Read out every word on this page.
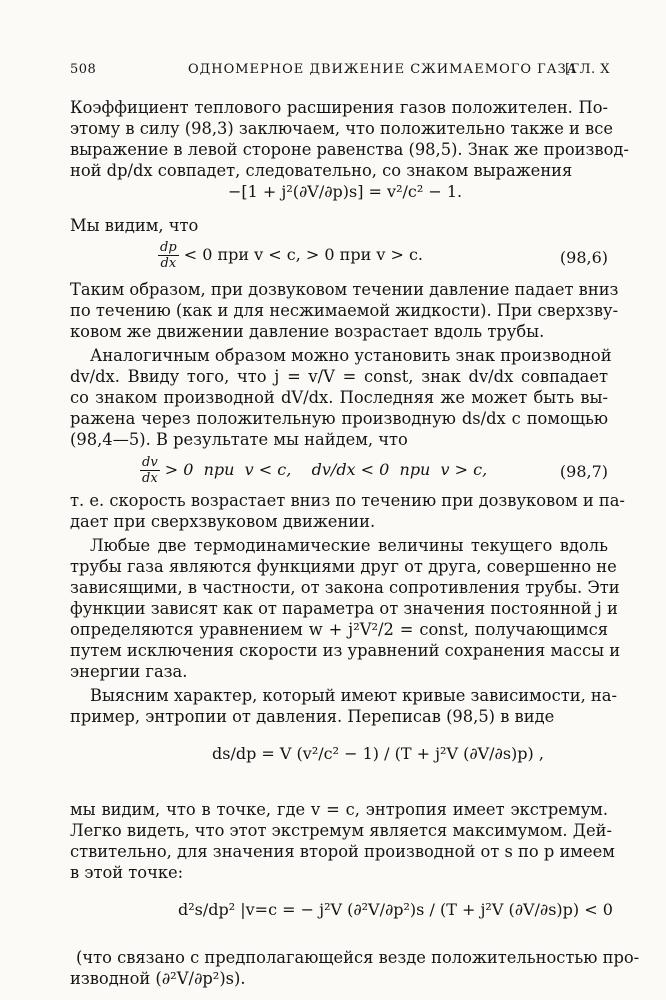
508	ОДНОМЕРНОЕ ДВИЖЕНИЕ СЖИМАЕМОГО ГАЗА
[ГЛ. X
Коэффициент теплового расширения газов положителен. По-
этому в силу (98,3) заключаем, что положительно также и все
выражение в левой стороне равенства (98,5). Знак же производ-
ной dp/dx совпадет, следовательно, со знаком выражения
−[1 + j²(∂V/∂p)s] = v²/c² − 1.
Мы видим, что
$\frac{dp}{dx} < 0$ при v < c, > 0 при v > c.	(98,6)
Таким образом, при дозвуковом течении давление падает вниз
по течению (как и для несжимаемой жидкости). При сверхзву-
ковом же движении давление возрастает вдоль трубы.
Аналогичным образом можно установить знак производной
dv/dx. Ввиду того, что j = v/V = const, знак dv/dx совпадает
со знаком производной dV/dx. Последняя же может быть вы-
ражена через положительную производную ds/dx с помощью
(98,4—5). В результате мы найдем, что
$\frac{dv}{dx} > 0$  при  v < c,    dv/dx < 0  при  v > c,	(98,7)
т. е. скорость возрастает вниз по течению при дозвуковом и па-
дает при сверхзвуковом движении.
Любые две термодинамические величины текущего вдоль
трубы газа являются функциями друг от друга, совершенно не
зависящими, в частности, от закона сопротивления трубы. Эти
функции зависят как от параметра от значения постоянной j и
определяются уравнением w + j²V²/2 = const, получающимся
путем исключения скорости из уравнений сохранения массы и
энергии газа.
Выясним характер, который имеют кривые зависимости, на-
пример, энтропии от давления. Переписав (98,5) в виде
ds/dp = V (v²/c² − 1) / (T + j²V (∂V/∂s)p) ,
мы видим, что в точке, где v = c, энтропия имеет экстремум.
Легко видеть, что этот экстремум является максимумом. Дей-
ствительно, для значения второй производной от s по p имеем
в этой точке:
d²s/dp² |v=c = − j²V (∂²V/∂p²)s / (T + j²V (∂V/∂s)p) < 0
(что связано с предполагающейся везде положительностью про-
изводной (∂²V/∂p²)s).
